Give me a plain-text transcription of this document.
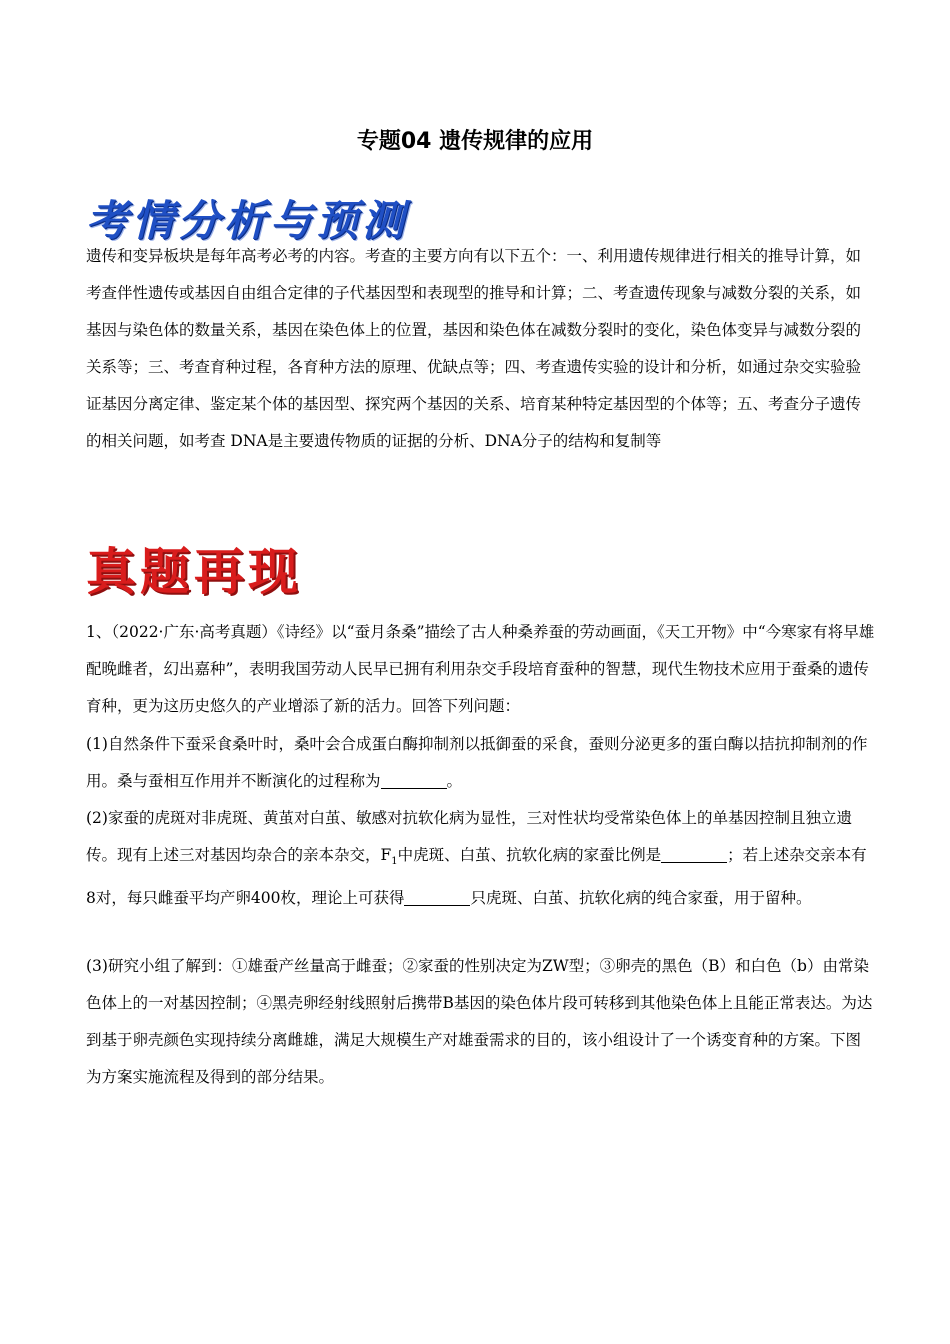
专题04 遗传规律的应用
考情分析与预测
遗传和变异板块是每年高考必考的内容。考查的主要方向有以下五个：一、利用遗传规律进行相关的推导计算，如考查伴性遗传或基因自由组合定律的子代基因型和表现型的推导和计算；二、考查遗传现象与减数分裂的关系，如基因与染色体的数量关系，基因在染色体上的位置，基因和染色体在减数分裂时的变化，染色体变异与减数分裂的关系等；三、考查育种过程，各育种方法的原理、优缺点等；四、考查遗传实验的设计和分析，如通过杂交实验验证基因分离定律、鉴定某个体的基因型、探究两个基因的关系、培育某种特定基因型的个体等；五、考查分子遗传的相关问题，如考查 DNA是主要遗传物质的证据的分析、DNA分子的结构和复制等
真题再现
1、（2022·广东·高考真题）《诗经》以“蚕月条桑”描绘了古人种桑养蚕的劳动画面，《天工开物》中“今寒家有将早雄配晚雌者，幻出嘉种”，表明我国劳动人民早已拥有利用杂交手段培育蚕种的智慧，现代生物技术应用于蚕桑的遗传育种，更为这历史悠久的产业增添了新的活力。回答下列问题：
(1)自然条件下蚕采食桑叶时，桑叶会合成蛋白酶抑制剂以抵御蚕的采食，蚕则分泌更多的蛋白酶以拮抗抑制剂的作用。桑与蚕相互作用并不断演化的过程称为	。
(2)家蚕的虎斑对非虎斑、黄茧对白茧、敏感对抗软化病为显性，三对性状均受常染色体上的单基因控制且独立遗传。现有上述三对基因均杂合的亲本杂交，$F_1$中虎斑、白茧、抗软化病的家蚕比例是	；若上述杂交亲本有8对，每只雌蚕平均产卵400枚，理论上可获得	只虎斑、白茧、抗软化病的纯合家蚕，用于留种。
(3)研究小组了解到：①雄蚕产丝量高于雌蚕；②家蚕的性别决定为ZW型；③卵壳的黑色（B）和白色（b）由常染色体上的一对基因控制；④黑壳卵经射线照射后携带B基因的染色体片段可转移到其他染色体上且能正常表达。为达到基于卵壳颜色实现持续分离雌雄，满足大规模生产对雄蚕需求的目的，该小组设计了一个诱变育种的方案。下图为方案实施流程及得到的部分结果。
